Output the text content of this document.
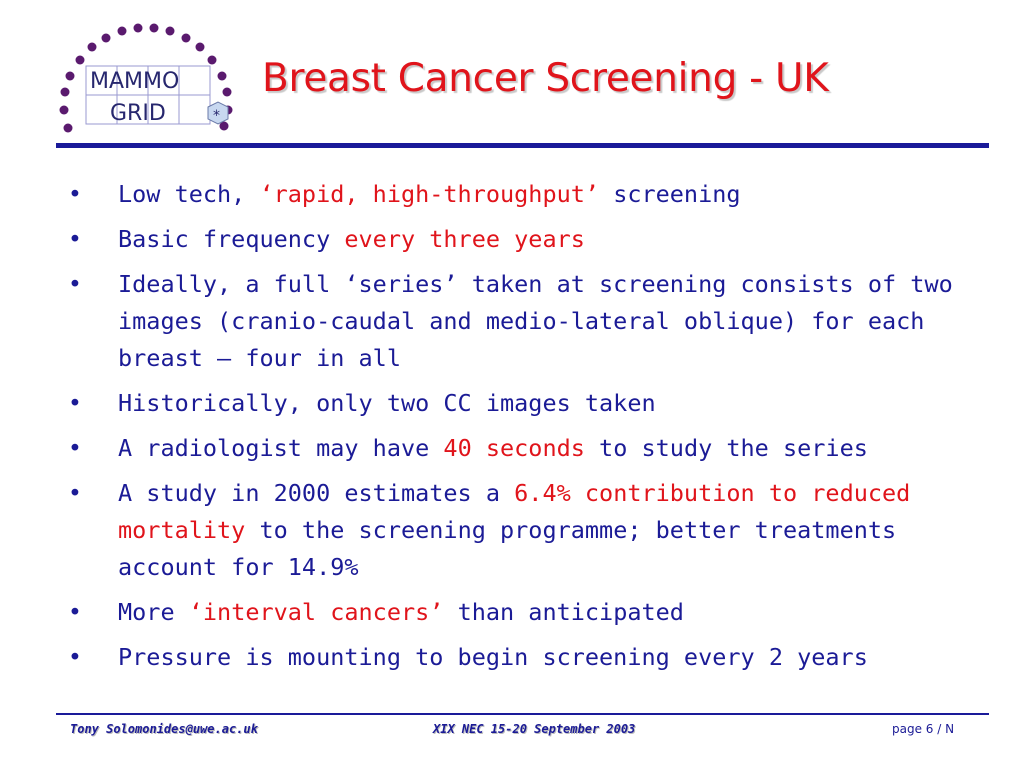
MAMMO
GRID	*
Breast Cancer Screening - UK
• Low tech, ‘rapid, high-throughput’ screening
• Basic frequency every three years
• Ideally, a full ‘series’ taken at screening consists of two images (cranio-caudal and medio-lateral oblique) for each breast – four in all
• Historically, only two CC images taken
• A radiologist may have 40 seconds to study the series
• A study in 2000 estimates a 6.4% contribution to reduced mortality to the screening programme; better treatments account for 14.9%
• More ‘interval cancers’ than anticipated
• Pressure is mounting to begin screening every 2 years
Tony Solomonides@uwe.ac.uk	XIX NEC 15-20 September 2003	page 6 / N
